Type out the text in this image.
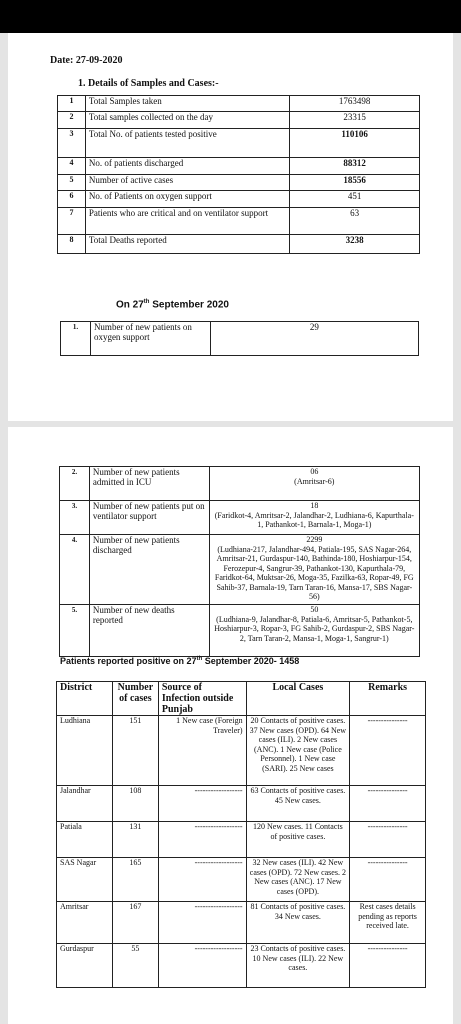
Date: 27-09-2020
1. Details of Samples and Cases:-
1	Total Samples taken	1763498
2	Total samples collected on the day	23315
3	Total No. of patients tested positive	110106
4	No. of patients discharged	88312
5	Number of active cases	18556
6	No. of Patients on oxygen support	451
7	Patients who are critical and on ventilator support	63
8	Total Deaths reported	3238
On 27th September 2020
1.	Number of new patients on oxygen support	29
2.	Number of new patients admitted in ICU	06
(Amritsar-6)

3.	Number of new patients put on ventilator support	18
(Faridkot-4, Amritsar-2, Jalandhar-2, Ludhiana-6, Kapurthala-1, Pathankot-1, Barnala-1, Moga-1)

4.	Number of new patients discharged	2299
(Ludhiana-217, Jalandhar-494, Patiala-195, SAS Nagar-264, Amritsar-21, Gurdaspur-140, Bathinda-180, Hoshiarpur-154, Ferozepur-4, Sangrur-39, Pathankot-130, Kapurthala-79, Faridkot-64, Muktsar-26, Moga-35, Fazilka-63, Ropar-49, FG Sahib-37, Barnala-19, Tarn Taran-16, Mansa-17, SBS Nagar-56)

5.	Number of new deaths reported	50
(Ludhiana-9, Jalandhar-8, Patiala-6, Amritsar-5, Pathankot-5, Hoshiarpur-3, Ropar-3, FG Sahib-2, Gurdaspur-2, SBS Nagar-2, Tarn Taran-2, Mansa-1, Moga-1, Sangrur-1)
Patients reported positive on 27th September 2020- 1458
District	Number of cases	Source of Infection outside Punjab	Local Cases	Remarks
Ludhiana	151	1 New case (Foreign Traveler)	20 Contacts of positive cases. 37 New cases (OPD). 64 New cases (ILI). 2 New cases (ANC). 1 New case (Police Personnel). 1 New case (SARI). 25 New cases	---------------
Jalandhar	108	------------------	63 Contacts of positive cases. 45 New cases.	---------------
Patiala	131	------------------	120 New cases. 11 Contacts of positive cases.	---------------
SAS Nagar	165	------------------	32 New cases (ILI). 42 New cases (OPD). 72 New cases. 2 New cases (ANC). 17 New cases (OPD).	---------------
Amritsar	167	------------------	81 Contacts of positive cases. 34 New cases.	Rest cases details pending as reports received late.
Gurdaspur	55	------------------	23 Contacts of positive cases. 10 New cases (ILI). 22 New cases.	---------------
